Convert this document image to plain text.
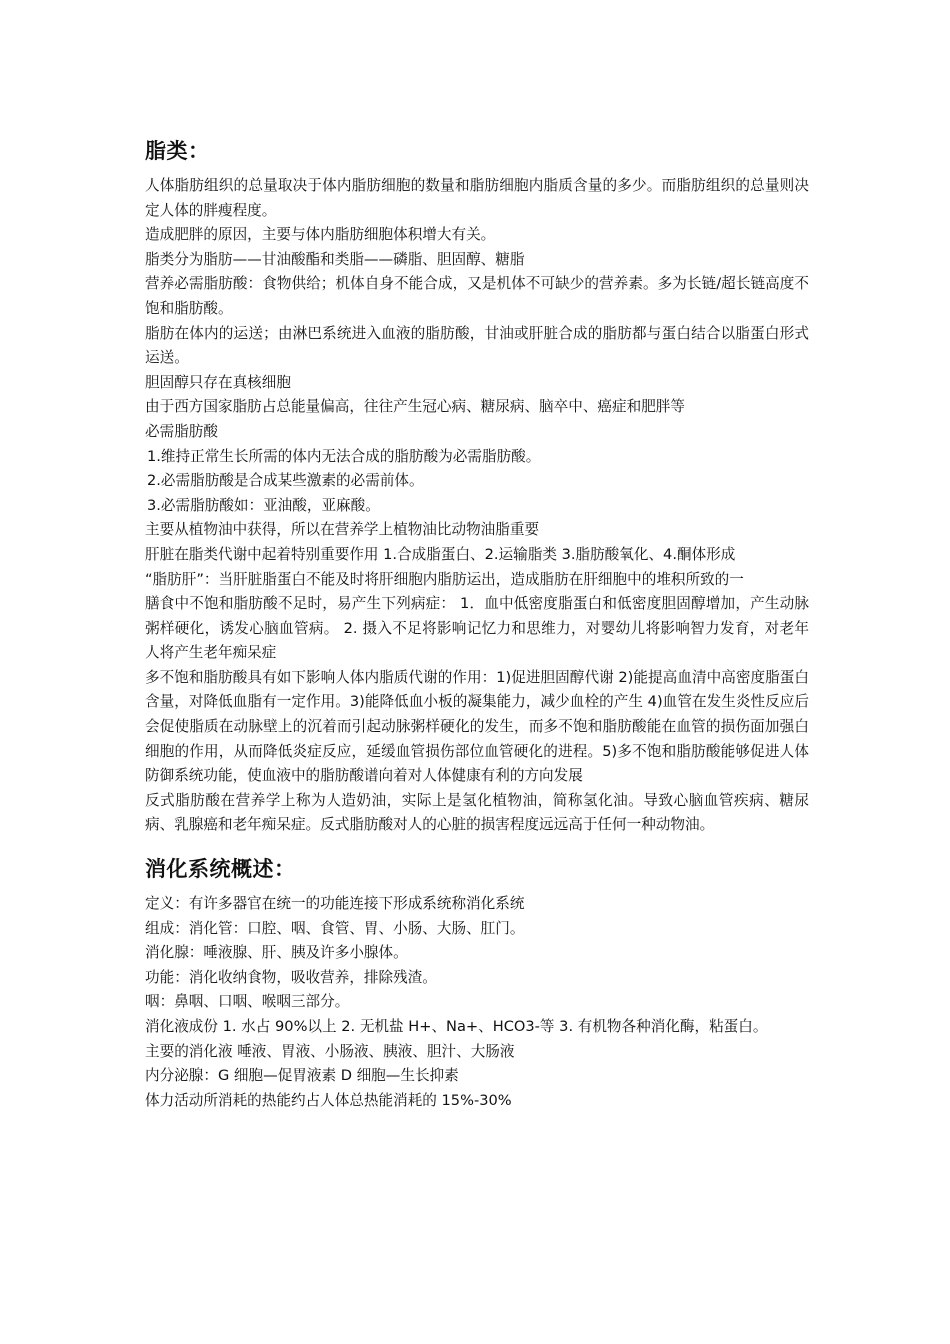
脂类：

人体脂肪组织的总量取决于体内脂肪细胞的数量和脂肪细胞内脂质含量的多少。而脂肪组织的总量则决定人体的胖瘦程度。

造成肥胖的原因，主要与体内脂肪细胞体积增大有关。

脂类分为脂肪——甘油酸酯和类脂——磷脂、胆固醇、糖脂

营养必需脂肪酸：食物供给；机体自身不能合成，又是机体不可缺少的营养素。多为长链/超长链高度不饱和脂肪酸。

脂肪在体内的运送；由淋巴系统进入血液的脂肪酸，甘油或肝脏合成的脂肪都与蛋白结合以脂蛋白形式运送。

胆固醇只存在真核细胞

由于西方国家脂肪占总能量偏高，往往产生冠心病、糖尿病、脑卒中、癌症和肥胖等

必需脂肪酸

1.维持正常生长所需的体内无法合成的脂肪酸为必需脂肪酸。

2.必需脂肪酸是合成某些激素的必需前体。

3.必需脂肪酸如：亚油酸，亚麻酸。

主要从植物油中获得，所以在营养学上植物油比动物油脂重要

肝脏在脂类代谢中起着特别重要作用 1.合成脂蛋白、2.运输脂类 3.脂肪酸氧化、4.酮体形成

“脂肪肝”：当肝脏脂蛋白不能及时将肝细胞内脂肪运出，造成脂肪在肝细胞中的堆积所致的一

膳食中不饱和脂肪酸不足时，易产生下列病症： 1．血中低密度脂蛋白和低密度胆固醇增加，产生动脉粥样硬化，诱发心脑血管病。 2. 摄入不足将影响记忆力和思维力，对婴幼儿将影响智力发育，对老年人将产生老年痴呆症

多不饱和脂肪酸具有如下影响人体内脂质代谢的作用：1)促进胆固醇代谢 2)能提高血清中高密度脂蛋白含量，对降低血脂有一定作用。3)能降低血小板的凝集能力，减少血栓的产生 4)血管在发生炎性反应后会促使脂质在动脉壁上的沉着而引起动脉粥样硬化的发生，而多不饱和脂肪酸能在血管的损伤面加强白细胞的作用，从而降低炎症反应，延缓血管损伤部位血管硬化的进程。5)多不饱和脂肪酸能够促进人体防御系统功能，使血液中的脂肪酸谱向着对人体健康有利的方向发展

反式脂肪酸在营养学上称为人造奶油，实际上是氢化植物油，简称氢化油。导致心脑血管疾病、糖尿病、乳腺癌和老年痴呆症。反式脂肪酸对人的心脏的损害程度远远高于任何一种动物油。

消化系统概述：

定义：有许多器官在统一的功能连接下形成系统称消化系统

组成：消化管：口腔、咽、食管、胃、小肠、大肠、肛门。

消化腺：唾液腺、肝、胰及许多小腺体。

功能：消化收纳食物，吸收营养，排除残渣。

咽：鼻咽、口咽、喉咽三部分。

消化液成份 1. 水占 90%以上 2. 无机盐 H+、Na+、HCO3-等 3. 有机物各种消化酶，粘蛋白。

主要的消化液 唾液、胃液、小肠液、胰液、胆汁、大肠液

内分泌腺：G 细胞—促胃液素 D 细胞—生长抑素

体力活动所消耗的热能约占人体总热能消耗的 15%-30%
